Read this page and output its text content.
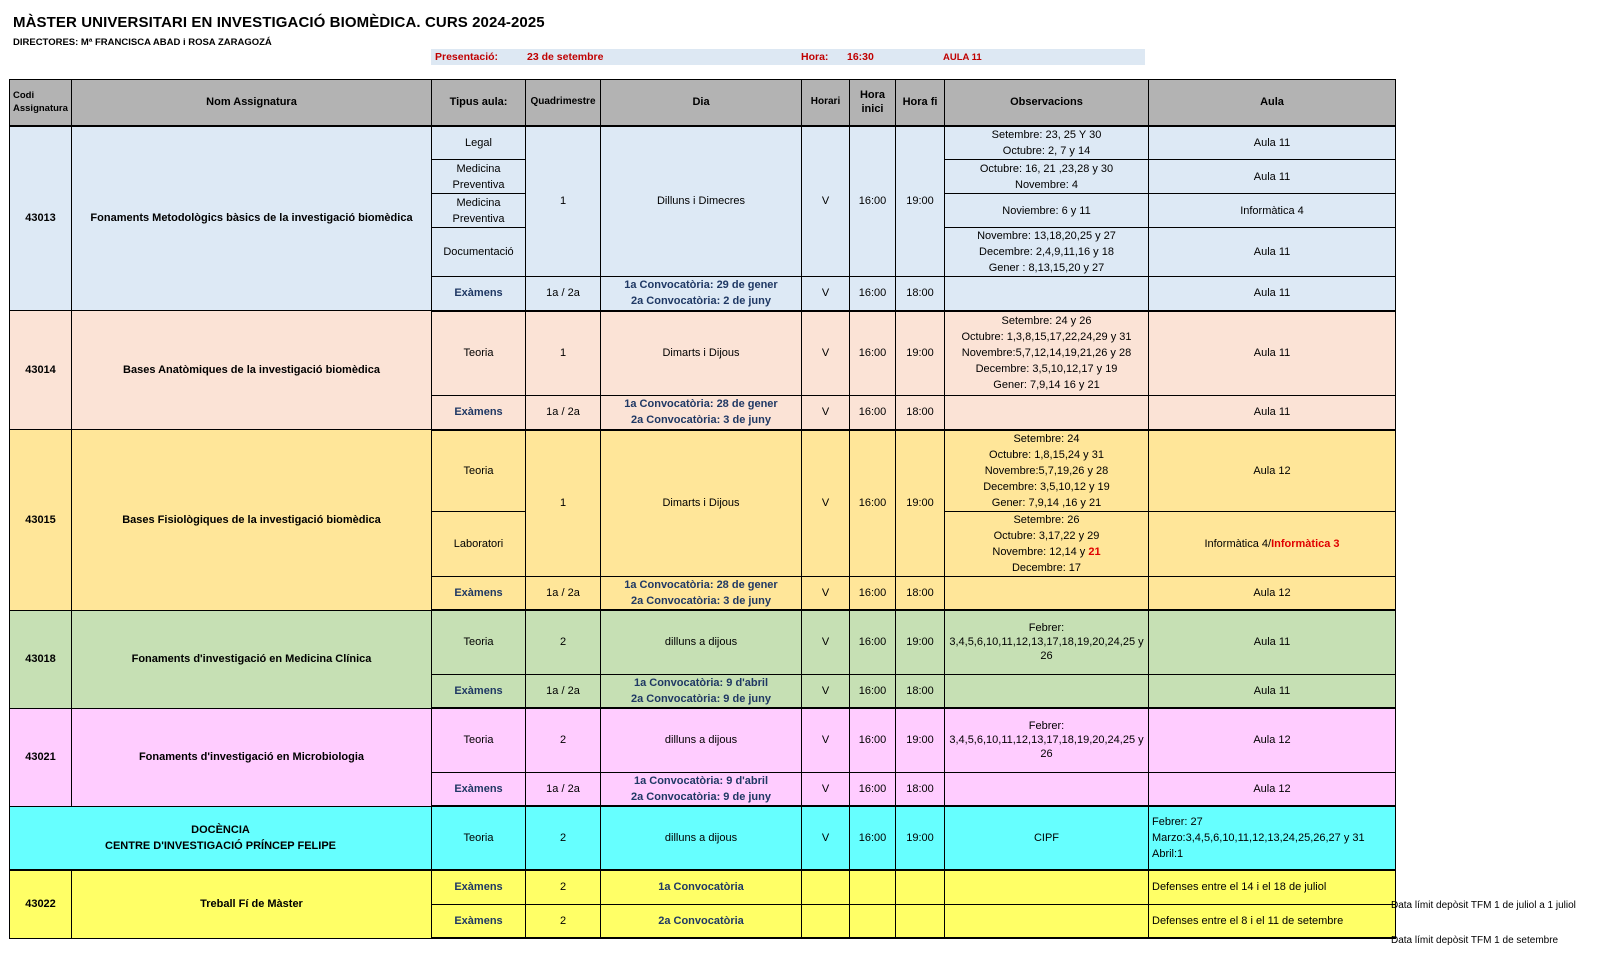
MÀSTER UNIVERSITARI EN INVESTIGACIÓ BIOMÈDICA. CURS 2024-2025
DIRECTORES: Mª FRANCISCA ABAD i ROSA ZARAGOZÁ
Presentació:	23 de setembre	Hora: 16:30	AULA 11
Codi Assignatura	Nom Assignatura	Tipus aula:	Quadrimestre	Dia	Horari	Hora inici	Hora fi	Observacions	Aula
43013	Fonaments Metodològics bàsics de la investigació biomèdica	Legal	1	Dilluns i Dimecres	V	16:00	19:00	Setembre: 23, 25 Y 30
Octubre: 2, 7 y 14	Aula 11
		Medicina Preventiva						Octubre: 16, 21 ,23,28 y 30
Novembre: 4	Aula 11
		Medicina Preventiva						Noviembre: 6 y 11	Informàtica 4
		Documentació						Novembre: 13,18,20,25 y 27
Decembre: 2,4,9,11,16 y 18
Gener : 8,13,15,20 y 27	Aula 11
		Exàmens	1a / 2a	1a Convocatòria: 29 de gener
2a Convocatòria: 2 de juny	V	16:00	18:00		Aula 11
43014	Bases Anatòmiques de la investigació biomèdica	Teoria	1	Dimarts i Dijous	V	16:00	19:00	Setembre: 24 y 26
Octubre: 1,3,8,15,17,22,24,29 y 31
Novembre:5,7,12,14,19,21,26 y 28
Decembre: 3,5,10,12,17 y 19
Gener: 7,9,14 16 y 21	Aula 11
		Exàmens	1a / 2a	1a Convocatòria: 28 de gener
2a Convocatòria: 3 de juny	V	16:00	18:00		Aula 11
43015	Bases Fisiològiques de la investigació biomèdica	Teoria	1	Dimarts i Dijous	V	16:00	19:00	Setembre: 24
Octubre: 1,8,15,24 y 31
Novembre:5,7,19,26 y 28
Decembre: 3,5,10,12 y 19
Gener: 7,9,14 ,16 y 21	Aula 12
		Laboratori						Setembre: 26
Octubre: 3,17,22 y 29
Novembre: 12,14 y 21
Decembre: 17	Informàtica 4/Informàtica 3
		Exàmens	1a / 2a	1a Convocatòria: 28 de gener
2a Convocatòria: 3 de juny	V	16:00	18:00		Aula 12
43018	Fonaments d'investigació en Medicina Clínica	Teoria	2	dilluns a dijous	V	16:00	19:00	Febrer:
3,4,5,6,10,11,12,13,17,18,19,20,24,25 y 26	Aula 11
		Exàmens	1a / 2a	1a Convocatòria: 9 d'abril
2a Convocatòria: 9 de juny	V	16:00	18:00		Aula 11
43021	Fonaments d'investigació en Microbiologia	Teoria	2	dilluns a dijous	V	16:00	19:00	Febrer:
3,4,5,6,10,11,12,13,17,18,19,20,24,25 y 26	Aula 12
		Exàmens	1a / 2a	1a Convocatòria: 9 d'abril
2a Convocatòria: 9 de juny	V	16:00	18:00		Aula 12
DOCÈNCIA
CENTRE D'INVESTIGACIÓ PRÍNCEP FELIPE		Teoria	2	dilluns a dijous	V	16:00	19:00	CIPF	Febrer: 27
Marzo:3,4,5,6,10,11,12,13,24,25,26,27 y 31
Abril:1
43022	Treball Fí de Màster	Exàmens	2	1a Convocatòria					Defenses entre el 14 i el 18 de juliol
		Exàmens	2	2a Convocatòria					Defenses entre el 8 i el 11 de setembre
Data límit depòsit TFM 1 de juliol a 1 juliol
Data límit depòsit TFM 1 de setembre
